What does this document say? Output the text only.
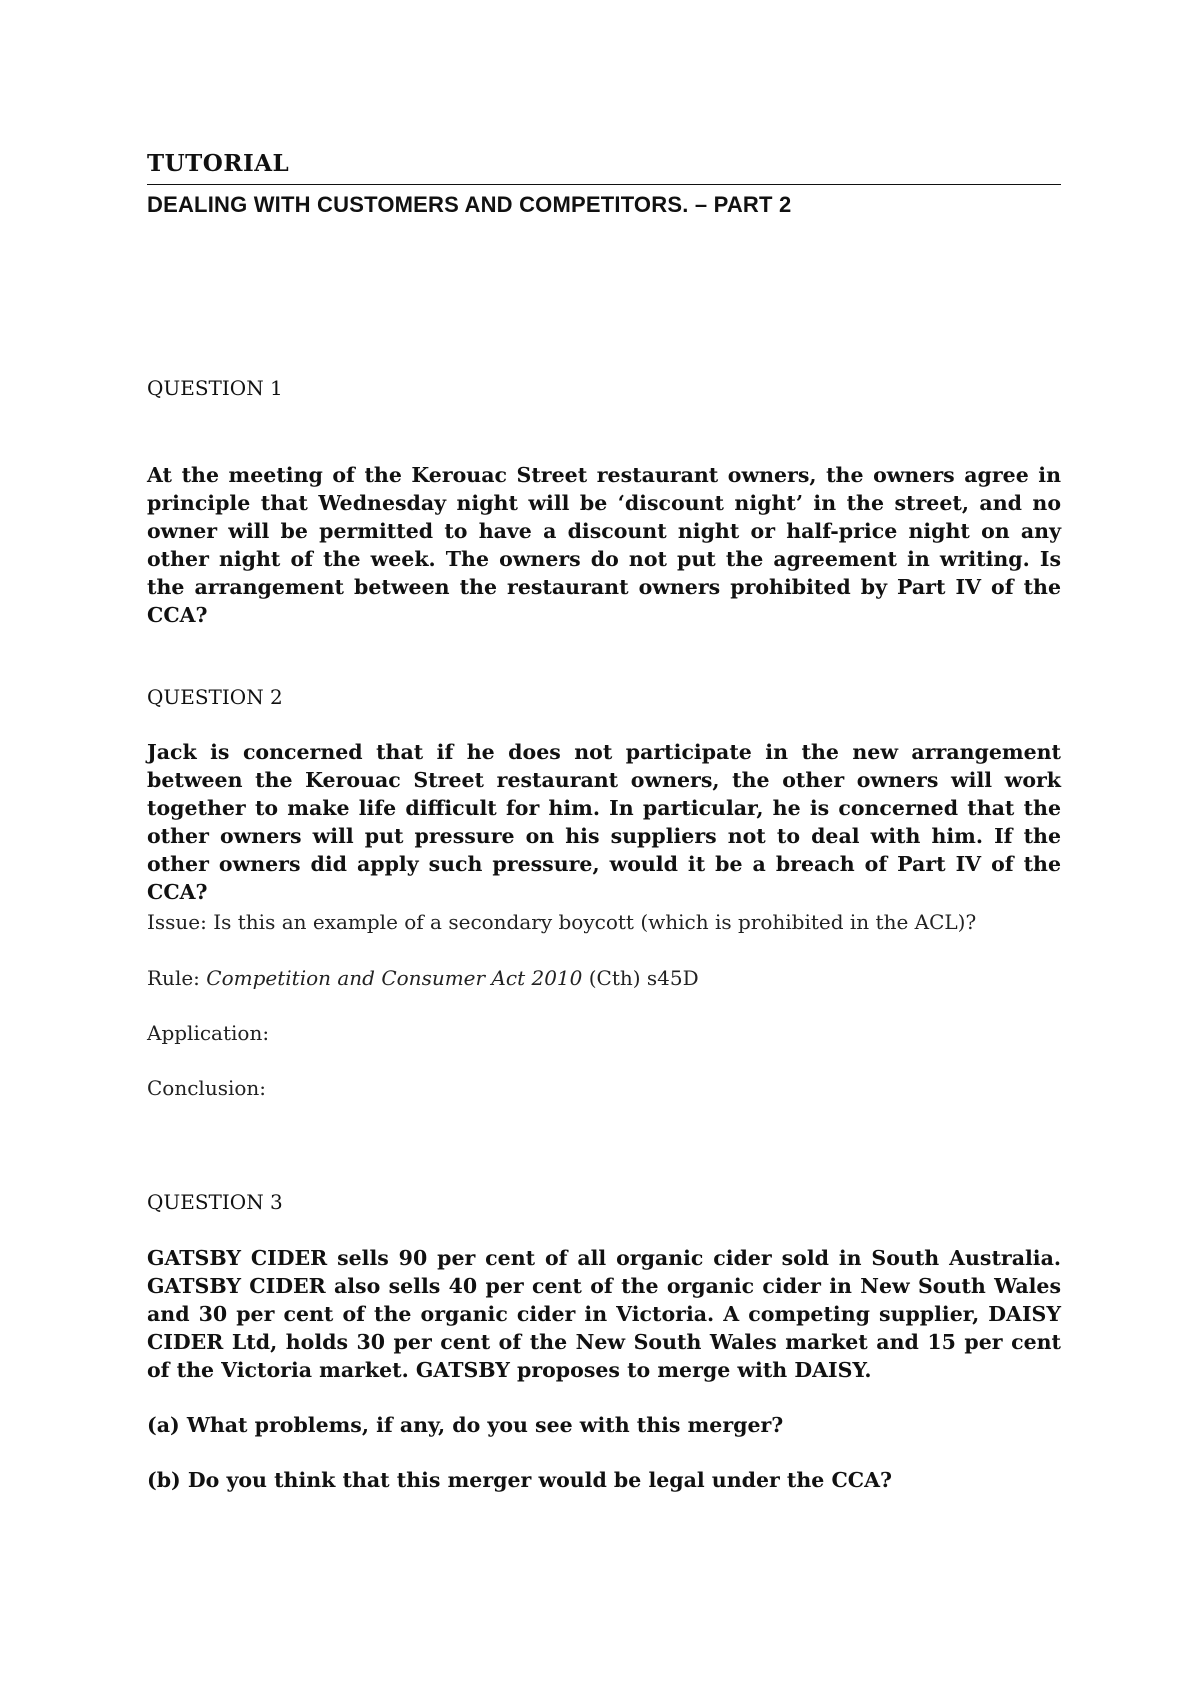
TUTORIAL
DEALING WITH CUSTOMERS AND COMPETITORS. – PART 2

QUESTION 1

At the meeting of the Kerouac Street restaurant owners, the owners agree in principle that Wednesday night will be ‘discount night’ in the street, and no owner will be permitted to have a discount night or half-price night on any other night of the week. The owners do not put the agreement in writing. Is the arrangement between the restaurant owners prohibited by Part IV of the CCA?

QUESTION 2

Jack is concerned that if he does not participate in the new arrangement between the Kerouac Street restaurant owners, the other owners will work together to make life difficult for him. In particular, he is concerned that the other owners will put pressure on his suppliers not to deal with him. If the other owners did apply such pressure, would it be a breach of Part IV of the CCA?

Issue: Is this an example of a secondary boycott (which is prohibited in the ACL)?

Rule: Competition and Consumer Act 2010 (Cth) s45D

Application:

Conclusion:

QUESTION 3

GATSBY CIDER sells 90 per cent of all organic cider sold in South Australia. GATSBY CIDER also sells 40 per cent of the organic cider in New South Wales and 30 per cent of the organic cider in Victoria. A competing supplier, DAISY CIDER Ltd, holds 30 per cent of the New South Wales market and 15 per cent of the Victoria market. GATSBY proposes to merge with DAISY.

(a) What problems, if any, do you see with this merger?

(b) Do you think that this merger would be legal under the CCA?
